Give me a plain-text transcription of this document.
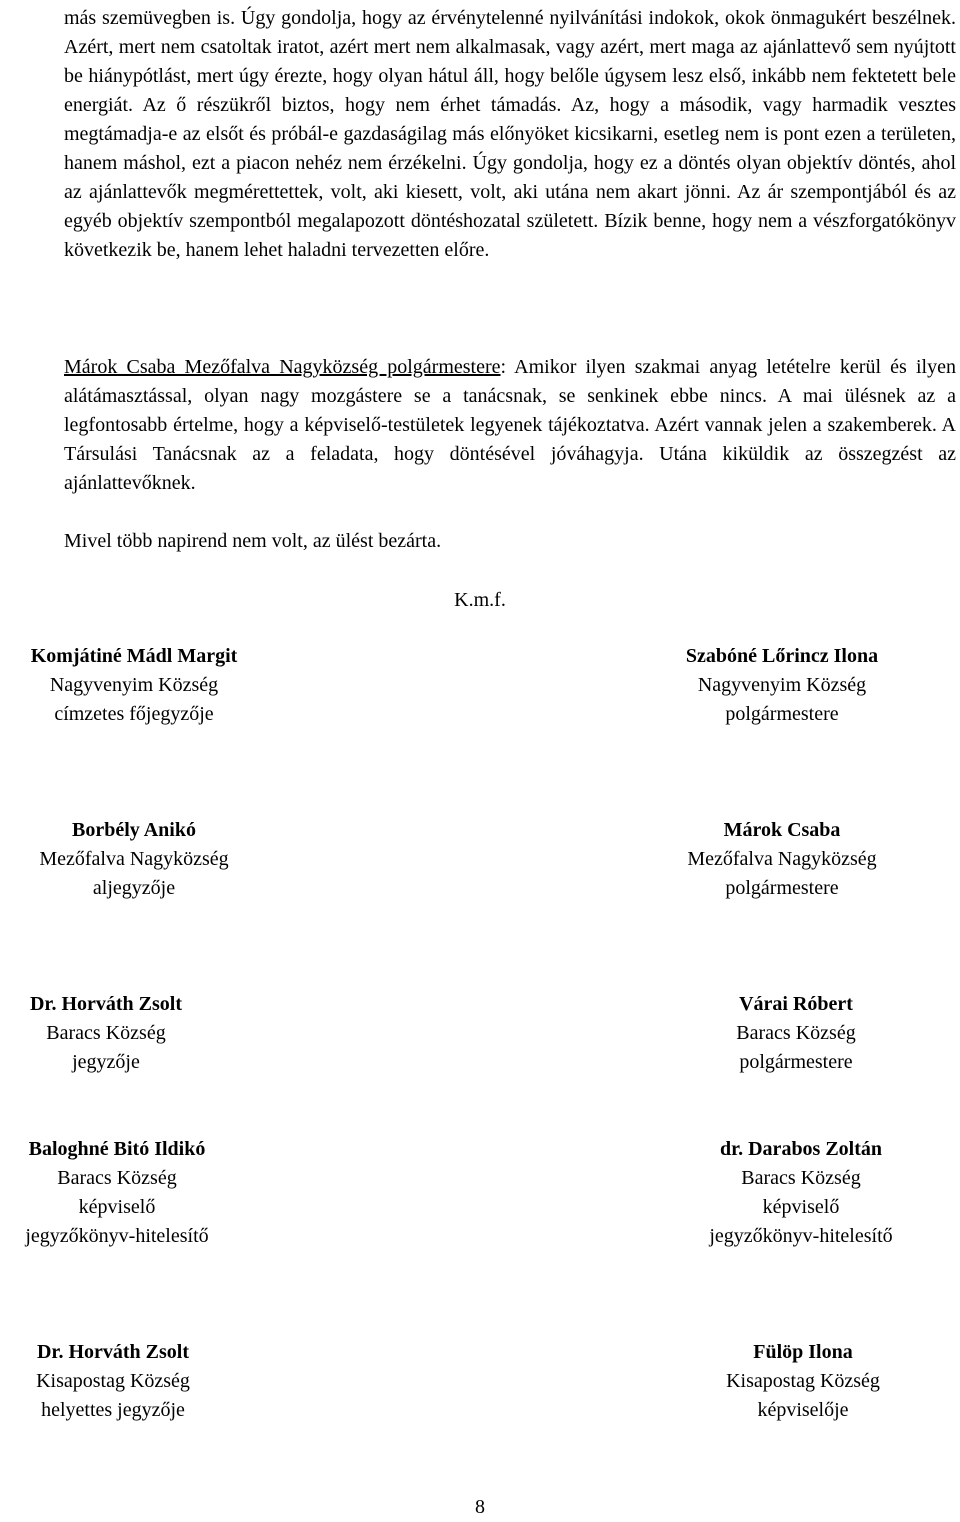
más szemüvegben is. Úgy gondolja, hogy az érvénytelenné nyilvánítási indokok, okok önmagukért beszélnek. Azért, mert nem csatoltak iratot, azért mert nem alkalmasak, vagy azért, mert maga az ajánlattevő sem nyújtott be hiánypótlást, mert úgy érezte, hogy olyan hátul áll, hogy belőle úgysem lesz első, inkább nem fektetett bele energiát. Az ő részükről biztos, hogy nem érhet támadás. Az, hogy a második, vagy harmadik vesztes megtámadja-e az elsőt és próbál-e gazdaságilag más előnyöket kicsikarni, esetleg nem is pont ezen a területen, hanem máshol, ezt a piacon nehéz nem érzékelni. Úgy gondolja, hogy ez a döntés olyan objektív döntés, ahol az ajánlattevők megmérettettek, volt, aki kiesett, volt, aki utána nem akart jönni. Az ár szempontjából és az egyéb objektív szempontból megalapozott döntéshozatal született. Bízik benne, hogy nem a vészforgatókönyv következik be, hanem lehet haladni tervezetten előre.

Márok Csaba Mezőfalva Nagyközség polgármestere: Amikor ilyen szakmai anyag letételre kerül és ilyen alátámasztással, olyan nagy mozgástere se a tanácsnak, se senkinek ebbe nincs. A mai ülésnek az a legfontosabb értelme, hogy a képviselő-testületek legyenek tájékoztatva. Azért vannak jelen a szakemberek. A Társulási Tanácsnak az a feladata, hogy döntésével jóváhagyja. Utána kiküldik az összegzést az ajánlattevőknek.

Mivel több napirend nem volt, az ülést bezárta.
K.m.f.
Komjátiné Mádl Margit
Nagyvenyim Község
címzetes főjegyzője
Szabóné Lőrincz Ilona
Nagyvenyim Község
polgármestere
Borbély Anikó
Mezőfalva Nagyközség
aljegyzője
Márok Csaba
Mezőfalva Nagyközség
polgármestere
Dr. Horváth Zsolt
Baracs Község
jegyzője
Várai Róbert
Baracs Község
polgármestere
Baloghné Bitó Ildikó
Baracs Község
képviselő
jegyzőkönyv-hitelesítő
dr. Darabos Zoltán
Baracs Község
képviselő
jegyzőkönyv-hitelesítő
Dr. Horváth Zsolt
Kisapostag Község
helyettes jegyzője
Fülöp Ilona
Kisapostag Község
képviselője
8
